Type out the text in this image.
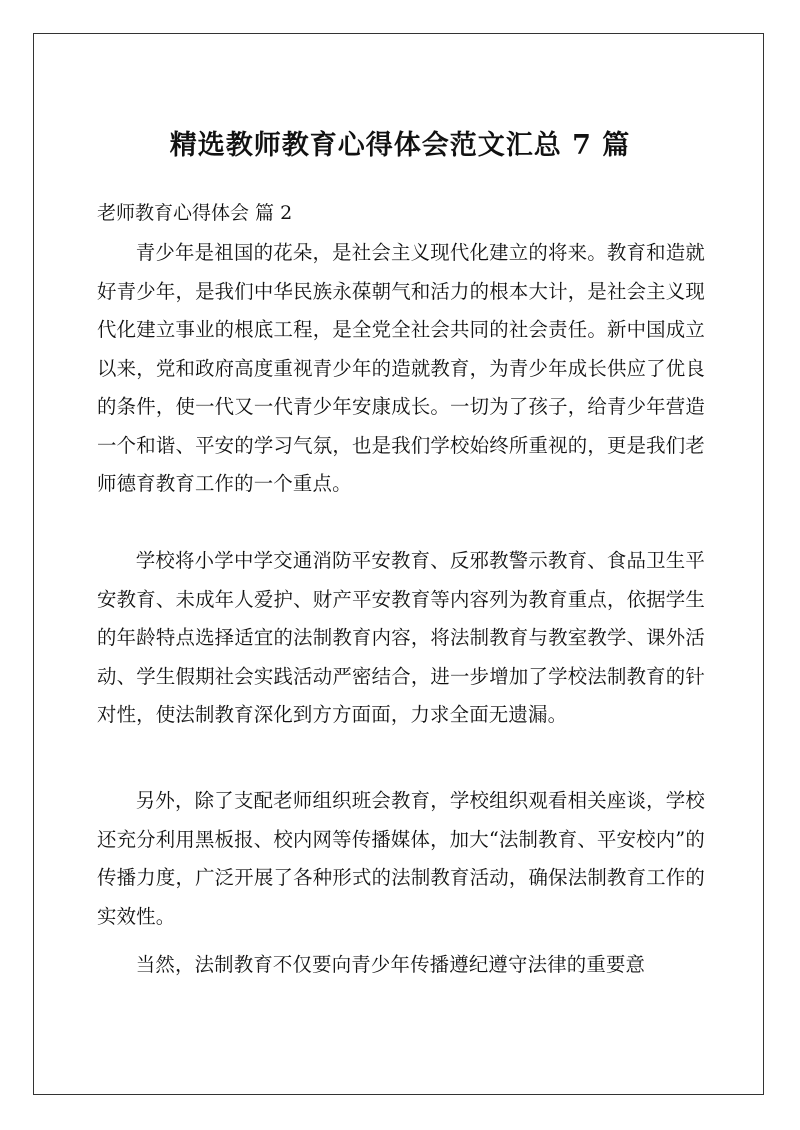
精选教师教育心得体会范文汇总 7 篇
老师教育心得体会 篇 2

青少年是祖国的花朵，是社会主义现代化建立的将来。教育和造就好青少年，是我们中华民族永葆朝气和活力的根本大计，是社会主义现代化建立事业的根底工程，是全党全社会共同的社会责任。新中国成立以来，党和政府高度重视青少年的造就教育，为青少年成长供应了优良的条件，使一代又一代青少年安康成长。一切为了孩子，给青少年营造一个和谐、平安的学习气氛，也是我们学校始终所重视的，更是我们老师德育教育工作的一个重点。

学校将小学中学交通消防平安教育、反邪教警示教育、食品卫生平安教育、未成年人爱护、财产平安教育等内容列为教育重点，依据学生的年龄特点选择适宜的法制教育内容，将法制教育与教室教学、课外活动、学生假期社会实践活动严密结合，进一步增加了学校法制教育的针对性，使法制教育深化到方方面面，力求全面无遗漏。

另外，除了支配老师组织班会教育，学校组织观看相关座谈，学校还充分利用黑板报、校内网等传播媒体，加大“法制教育、平安校内”的传播力度，广泛开展了各种形式的法制教育活动，确保法制教育工作的实效性。

当然，法制教育不仅要向青少年传播遵纪遵守法律的重要意
